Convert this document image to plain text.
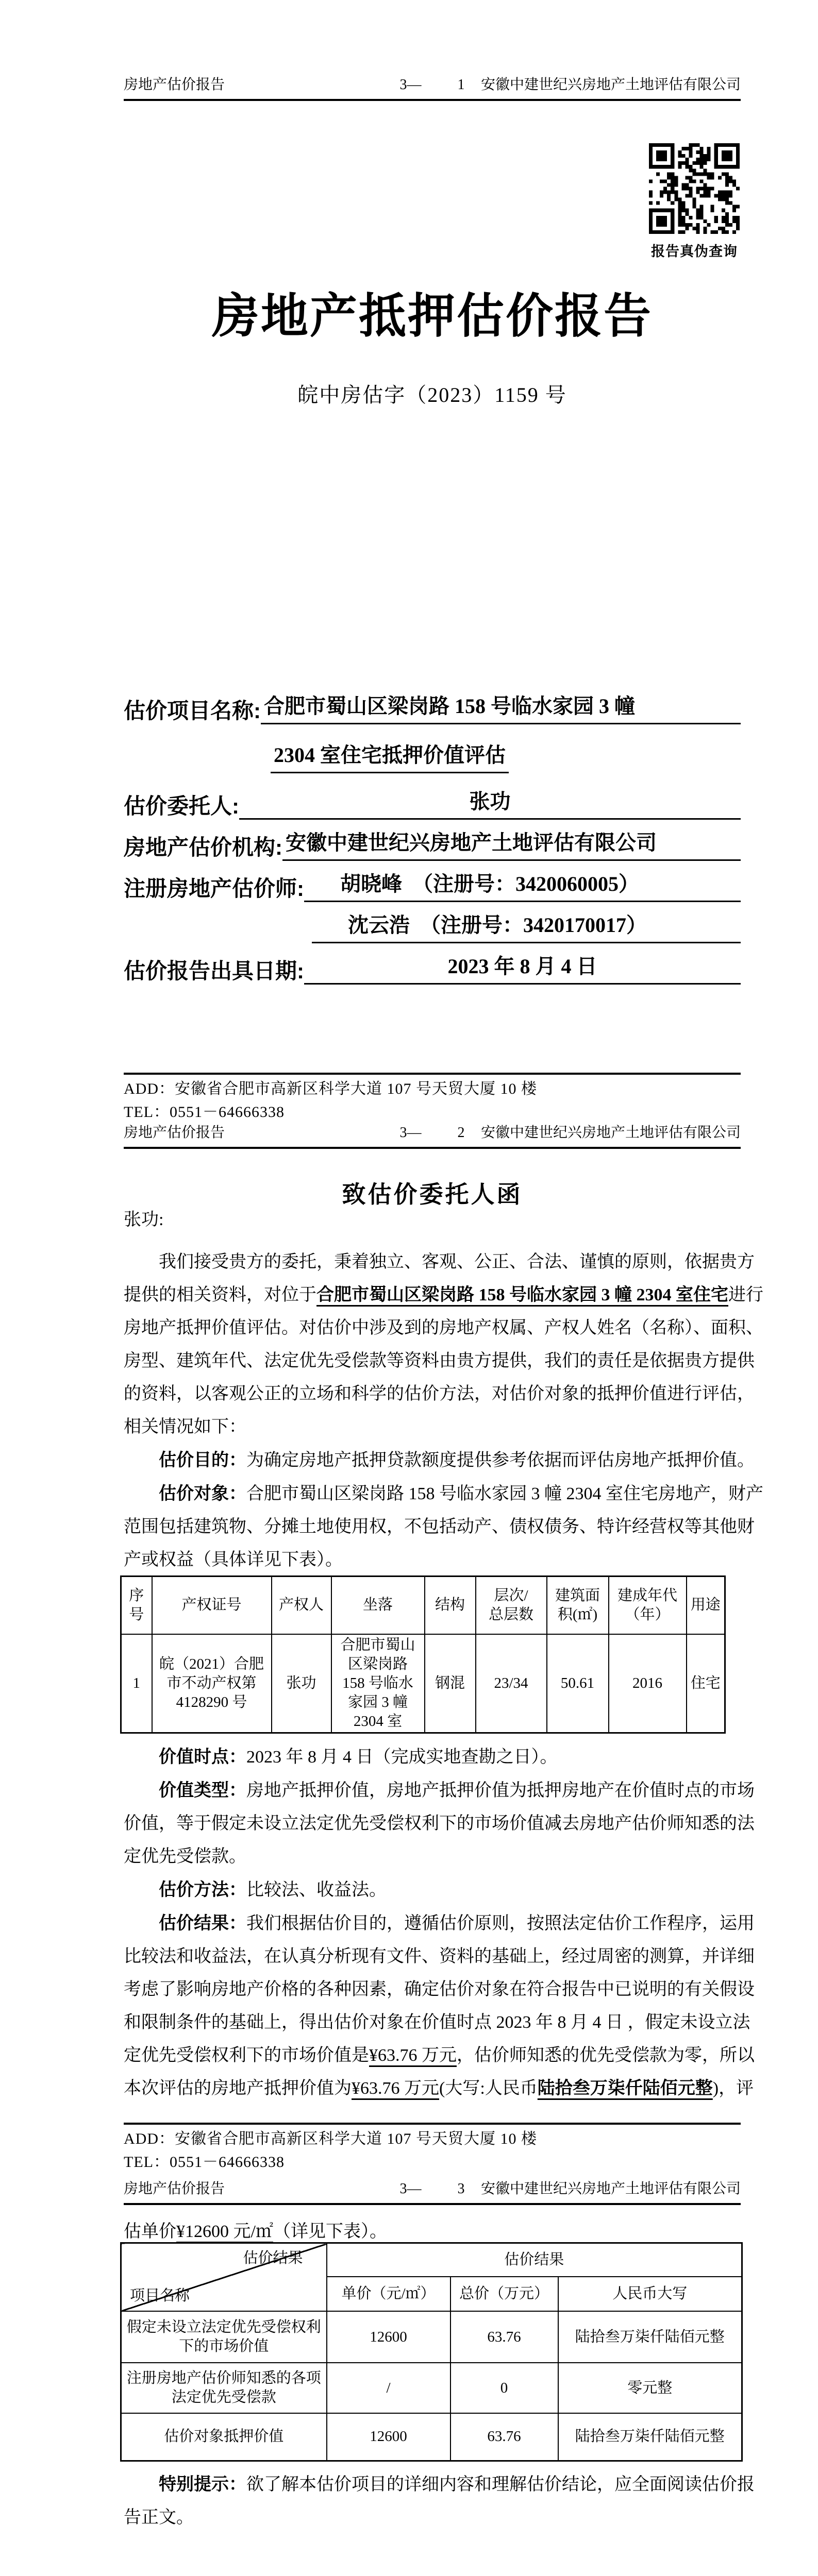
房地产估价报告	3—	1	安徽中建世纪兴房地产土地评估有限公司
报告真伪查询
房地产抵押估价报告
皖中房估字（2023）1159 号
估价项目名称: 合肥市蜀山区梁岗路 158 号临水家园 3 幢
2304 室住宅抵押价值评估
估价委托人:	张功
房地产估价机构: 安徽中建世纪兴房地产土地评估有限公司
注册房地产估价师:	胡晓峰　（注册号：3420060005）
沈云浩　（注册号：3420170017）
估价报告出具日期:	2023 年 8 月 4 日
ADD：安徽省合肥市高新区科学大道 107 号天贸大厦 10 楼
TEL：0551－64666338
房地产估价报告	3—	2	安徽中建世纪兴房地产土地评估有限公司
致估价委托人函
张功:
我们接受贵方的委托，秉着独立、客观、公正、合法、谨慎的原则，依据贵方
提供的相关资料，对位于合肥市蜀山区梁岗路 158 号临水家园 3 幢 2304 室住宅进行
房地产抵押价值评估。对估价中涉及到的房地产权属、产权人姓名（名称）、面积、
房型、建筑年代、法定优先受偿款等资料由贵方提供，我们的责任是依据贵方提供
的资料，以客观公正的立场和科学的估价方法，对估价对象的抵押价值进行评估，
相关情况如下：
估价目的：为确定房地产抵押贷款额度提供参考依据而评估房地产抵押价值。
估价对象：合肥市蜀山区梁岗路 158 号临水家园 3 幢 2304 室住宅房地产，财产
范围包括建筑物、分摊土地使用权，不包括动产、债权债务、特许经营权等其他财
产或权益（具体详见下表）。
序
号	产权证号	产权人	坐落	结构	层次/
总层数	建筑面
积(㎡)	建成年代
（年）	用途
1	皖（2021）合肥
市不动产权第
4128290 号	张功	合肥市蜀山
区梁岗路
158 号临水
家园 3 幢
2304 室	钢混	23/34	50.61	2016	住宅
价值时点：2023 年 8 月 4 日（完成实地查勘之日）。
价值类型：房地产抵押价值，房地产抵押价值为抵押房地产在价值时点的市场
价值，等于假定未设立法定优先受偿权利下的市场价值减去房地产估价师知悉的法
定优先受偿款。
估价方法：比较法、收益法。
估价结果：我们根据估价目的，遵循估价原则，按照法定估价工作程序，运用
比较法和收益法，在认真分析现有文件、资料的基础上，经过周密的测算，并详细
考虑了影响房地产价格的各种因素，确定估价对象在符合报告中已说明的有关假设
和限制条件的基础上，得出估价对象在价值时点 2023 年 8 月 4 日 ，假定未设立法
定优先受偿权利下的市场价值是¥63.76 万元，估价师知悉的优先受偿款为零，所以
本次评估的房地产抵押价值为¥63.76 万元(大写:人民币陆拾叁万柒仟陆佰元整)，评
ADD：安徽省合肥市高新区科学大道 107 号天贸大厦 10 楼
TEL：0551－64666338
房地产估价报告	3—	3	安徽中建世纪兴房地产土地评估有限公司
估单价¥12600 元/㎡（详见下表）。

估价结果

项目名称	估价结果		
	单价（元/㎡）	总价（万元）	人民币大写
假定未设立法定优先受偿权利
下的市场价值	12600	63.76	陆拾叁万柒仟陆佰元整
注册房地产估价师知悉的各项
法定优先受偿款	/	0	零元整
估价对象抵押价值	12600	63.76	陆拾叁万柒仟陆佰元整
特别提示：欲了解本估价项目的详细内容和理解估价结论，应全面阅读估价报
告正文。
